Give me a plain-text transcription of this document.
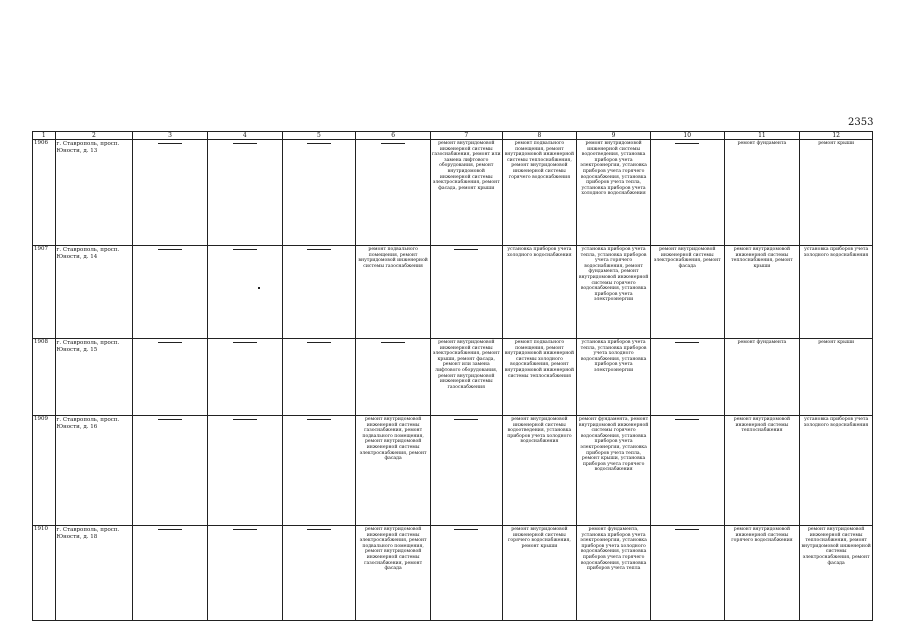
2353
1	2	3	4	5	6	7	8	9	10	11	12
1906	г. Ставрополь, просп. Юности, д. 13					ремонт внутридомовой инженерной системы газоснабжения, ремонт или замена лифтового оборудования, ремонт внутридомовой инженерной системы электроснабжения, ремонт фасада, ремонт крыши	ремонт подвального помещения, ремонт внутридомовой инженерной системы теплоснабжения, ремонт внутридомовой инженерной системы горячего водоснабжения	ремонт внутридомовой инженерной системы водоотведения, установка приборов учета электроэнергии, установка приборов учета горячего водоснабжения, установка приборов учета тепла, установка приборов учета холодного водоснабжения		ремонт фундамента	ремонт крыши
1907	г. Ставрополь, просп. Юности, д. 14				ремонт подвального помещения, ремонт внутридомовой инженерной системы газоснабжения		установка приборов учета холодного водоснабжения	установка приборов учета тепла, установка приборов учета горячего водоснабжения, ремонт фундамента, ремонт внутридомовой инженерной системы горячего водоснабжения, установка приборов учета электроэнергии	ремонт внутридомовой инженерной системы электроснабжения, ремонт фасада	ремонт внутридомовой инженерной системы теплоснабжения, ремонт крыши	установка приборов учета холодного водоснабжения
1908	г. Ставрополь, просп. Юности, д. 15					ремонт внутридомовой инженерной системы электроснабжения, ремонт крыши, ремонт фасада, ремонт или замена лифтового оборудования, ремонт внутридомовой инженерной системы газоснабжения	ремонт подвального помещения, ремонт внутридомовой инженерной системы холодного водоснабжения, ремонт внутридомовой инженерной системы теплоснабжения	установка приборов учета тепла, установка приборов учета холодного водоснабжения, установка приборов учета электроэнергии		ремонт фундамента	ремонт крыши
1909	г. Ставрополь, просп. Юности, д. 16				ремонт внутридомовой инженерной системы газоснабжения, ремонт подвального помещения, ремонт внутридомовой инженерной системы электроснабжения, ремонт фасада		ремонт внутридомовой инженерной системы водоотведения, установка приборов учета холодного водоснабжения	ремонт фундамента, ремонт внутридомовой инженерной системы горячего водоснабжения, установка приборов учета электроэнергии, установка приборов учета тепла, ремонт крыши, установка приборов учета горячего водоснабжения		ремонт внутридомовой инженерной системы теплоснабжения	установка приборов учета холодного водоснабжения
1910	г. Ставрополь, просп. Юности, д. 18				ремонт внутридомовой инженерной системы электроснабжения, ремонт подвального помещения, ремонт внутридомовой инженерной системы газоснабжения, ремонт фасада		ремонт внутридомовой инженерной системы горячего водоснабжения, ремонт крыши	ремонт фундамента, установка приборов учета электроэнергии, установка приборов учета холодного водоснабжения, установка приборов учета горячего водоснабжения, установка приборов учета тепла		ремонт внутридомовой инженерной системы горячего водоснабжения	ремонт внутридомовой инженерной системы теплоснабжения, ремонт внутридомовой инженерной системы электроснабжения, ремонт фасада
